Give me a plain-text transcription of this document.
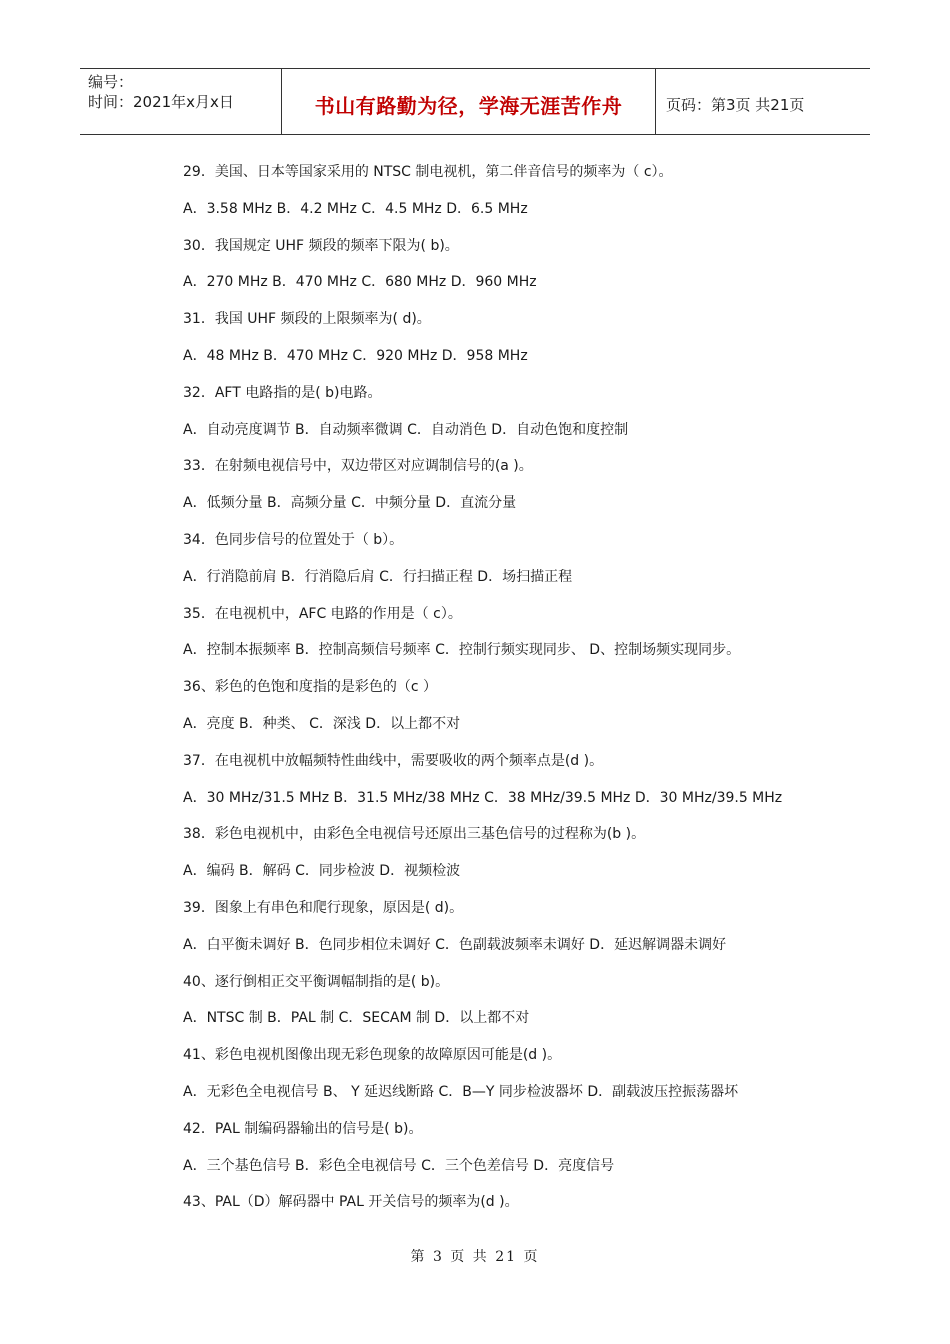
编号：
时间：2021年x月x日	书山有路勤为径，学海无涯苦作舟	页码：第3页 共21页
29．美国、日本等国家采用的 NTSC 制电视机，第二伴音信号的频率为（ c）。
A．3.58 MHz B．4.2 MHz C．4.5 MHz D．6.5 MHz
30．我国规定 UHF 频段的频率下限为( b)。
A．270 MHz B．470 MHz C．680 MHz D．960 MHz
31．我国 UHF 频段的上限频率为( d)。
A．48 MHz B．470 MHz C．920 MHz D．958 MHz
32．AFT 电路指的是( b)电路。
A．自动亮度调节 B．自动频率微调 C．自动消色 D．自动色饱和度控制
33．在射频电视信号中，双边带区对应调制信号的(a )。
A．低频分量 B．高频分量 C．中频分量 D．直流分量
34．色同步信号的位置处于（ b）。
A．行消隐前肩 B．行消隐后肩 C．行扫描正程 D．场扫描正程
35．在电视机中，AFC 电路的作用是（ c）。
A．控制本振频率 B．控制高频信号频率 C．控制行频实现同步、 D、控制场频实现同步。
36、彩色的色饱和度指的是彩色的（c ）
A．亮度 B．种类、 C．深浅 D．以上都不对
37．在电视机中放幅频特性曲线中，需要吸收的两个频率点是(d )。
A．30 MHz/31.5 MHz B．31.5 MHz/38 MHz C．38 MHz/39.5 MHz D．30 MHz/39.5 MHz
38．彩色电视机中，由彩色全电视信号还原出三基色信号的过程称为(b )。
A．编码 B．解码 C．同步检波 D．视频检波
39．图象上有串色和爬行现象，原因是( d)。
A．白平衡未调好 B．色同步相位未调好 C．色副载波频率未调好 D．延迟解调器未调好
40、逐行倒相正交平衡调幅制指的是( b)。
A．NTSC 制 B．PAL 制 C．SECAM 制 D．以上都不对
41、彩色电视机图像出现无彩色现象的故障原因可能是(d )。
A．无彩色全电视信号 B、 Y 延迟线断路 C．B—Y 同步检波器坏 D．副载波压控振荡器坏
42．PAL 制编码器输出的信号是( b)。
A．三个基色信号 B．彩色全电视信号 C．三个色差信号 D．亮度信号
43、PAL（D）解码器中 PAL 开关信号的频率为(d )。
第 3 页 共 21 页
